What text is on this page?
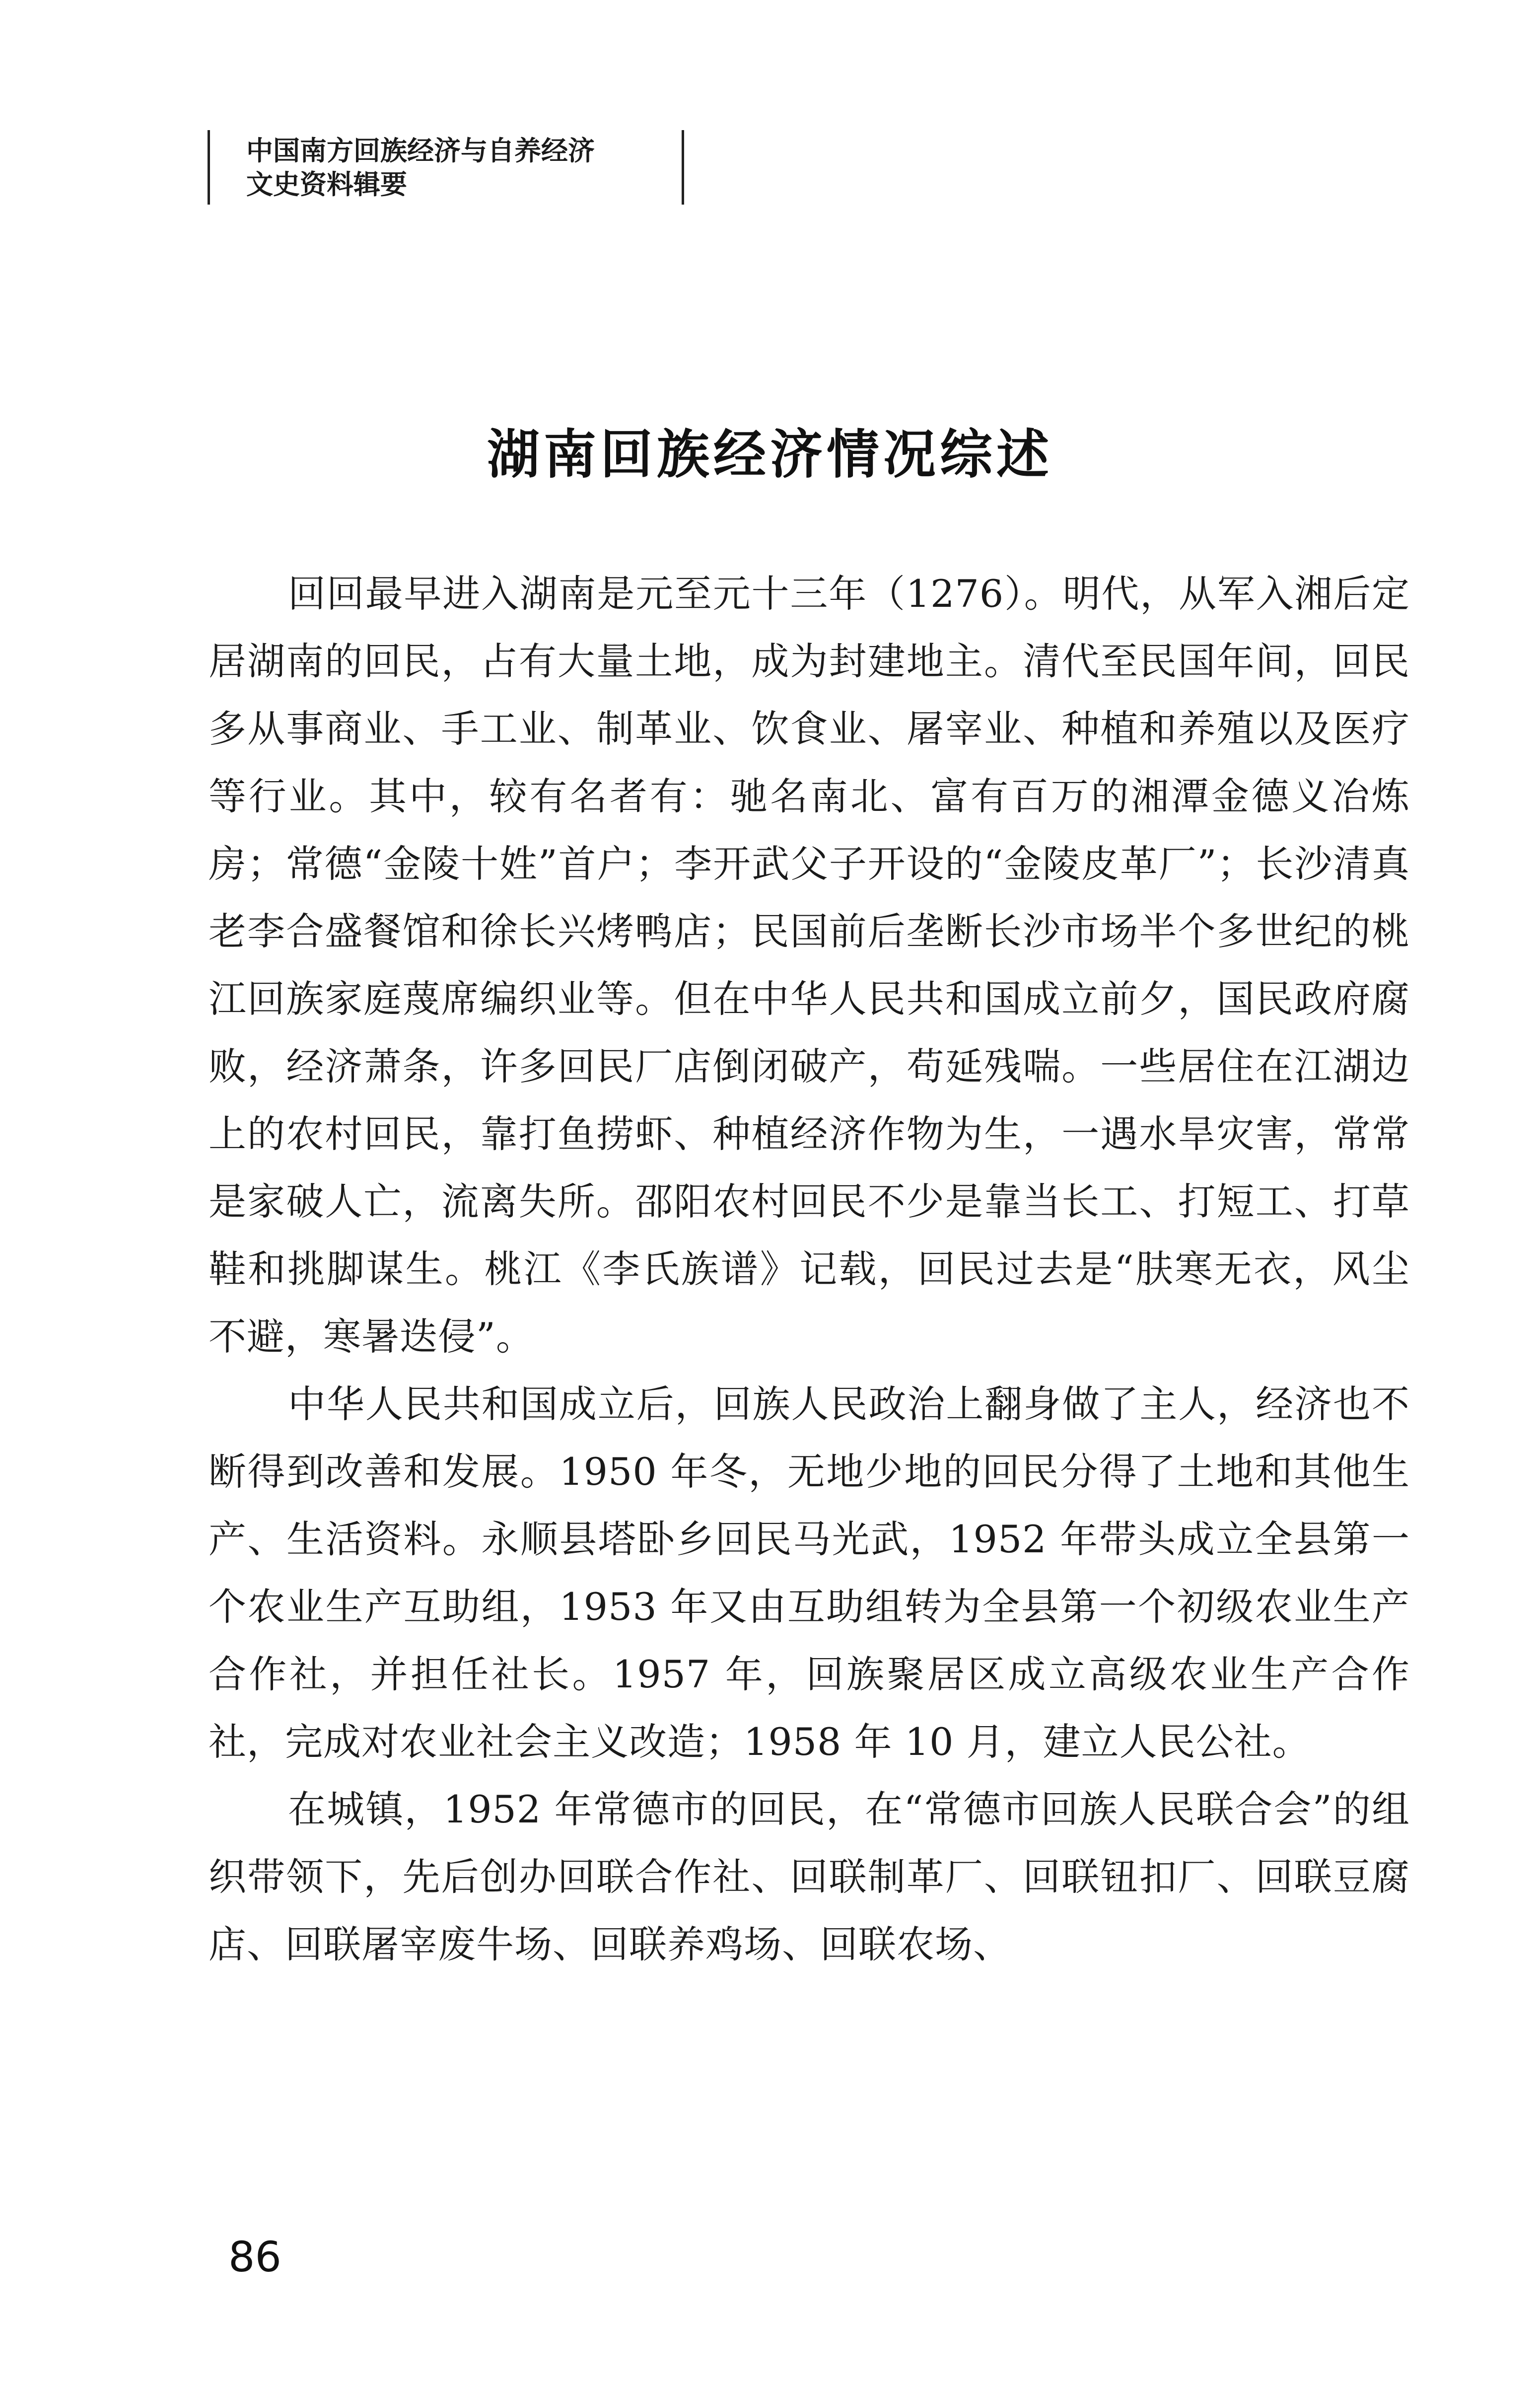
中国南方回族经济与自养经济
文史资料辑要
湖南回族经济情况综述

回回最早进入湖南是元至元十三年（1276）。明代，从军入湘后定居湖南的回民，占有大量土地，成为封建地主。清代至民国年间，回民多从事商业、手工业、制革业、饮食业、屠宰业、种植和养殖以及医疗等行业。其中，较有名者有：驰名南北、富有百万的湘潭金德义冶炼房；常德“金陵十姓”首户；李开武父子开设的“金陵皮革厂”；长沙清真老李合盛餐馆和徐长兴烤鸭店；民国前后垄断长沙市场半个多世纪的桃江回族家庭蔑席编织业等。但在中华人民共和国成立前夕，国民政府腐败，经济萧条，许多回民厂店倒闭破产，苟延残喘。一些居住在江湖边上的农村回民，靠打鱼捞虾、种植经济作物为生，一遇水旱灾害，常常是家破人亡，流离失所。邵阳农村回民不少是靠当长工、打短工、打草鞋和挑脚谋生。桃江《李氏族谱》记载，回民过去是“肤寒无衣，风尘不避，寒暑迭侵”。

中华人民共和国成立后，回族人民政治上翻身做了主人，经济也不断得到改善和发展。1950 年冬，无地少地的回民分得了土地和其他生产、生活资料。永顺县塔卧乡回民马光武，1952 年带头成立全县第一个农业生产互助组，1953 年又由互助组转为全县第一个初级农业生产合作社，并担任社长。1957 年，回族聚居区成立高级农业生产合作社，完成对农业社会主义改造；1958 年 10 月，建立人民公社。

在城镇，1952 年常德市的回民，在“常德市回族人民联合会”的组织带领下，先后创办回联合作社、回联制革厂、回联钮扣厂、回联豆腐店、回联屠宰废牛场、回联养鸡场、回联农场、

86
